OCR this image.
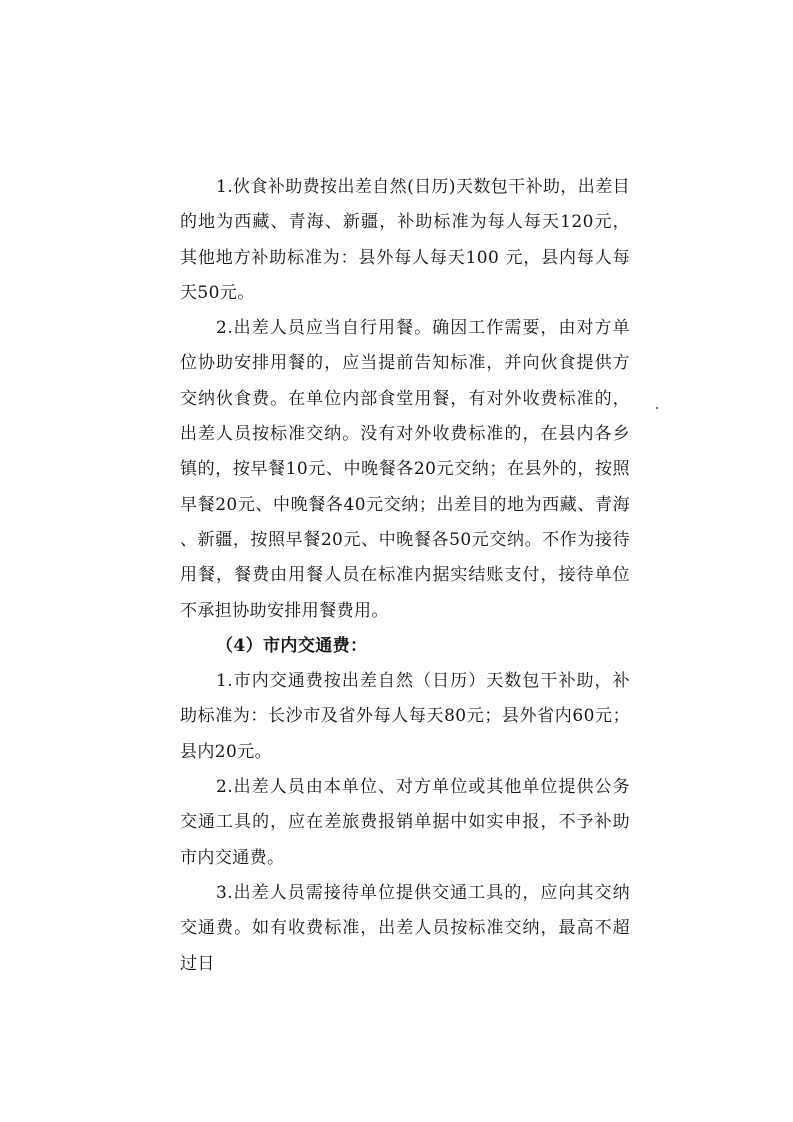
1.伙食补助费按出差自然(日历)天数包干补助，出差目的地为西藏、青海、新疆，补助标准为每人每天120元，其他地方补助标准为：县外每人每天100 元，县内每人每天50元。

2.出差人员应当自行用餐。确因工作需要，由对方单位协助安排用餐的，应当提前告知标准，并向伙食提供方交纳伙食费。在单位内部食堂用餐，有对外收费标准的，出差人员按标准交纳。没有对外收费标准的，在县内各乡镇的，按早餐10元、中晚餐各20元交纳；在县外的，按照早餐20元、中晚餐各40元交纳；出差目的地为西藏、青海、新疆，按照早餐20元、中晚餐各50元交纳。不作为接待用餐，餐费由用餐人员在标准内据实结账支付，接待单位不承担协助安排用餐费用。

（4）市内交通费：

1.市内交通费按出差自然（日历）天数包干补助，补助标准为：长沙市及省外每人每天80元；县外省内60元；县内20元。

2.出差人员由本单位、对方单位或其他单位提供公务交通工具的，应在差旅费报销单据中如实申报，不予补助市内交通费。

3.出差人员需接待单位提供交通工具的，应向其交纳交通费。如有收费标准，出差人员按标准交纳，最高不超过日
